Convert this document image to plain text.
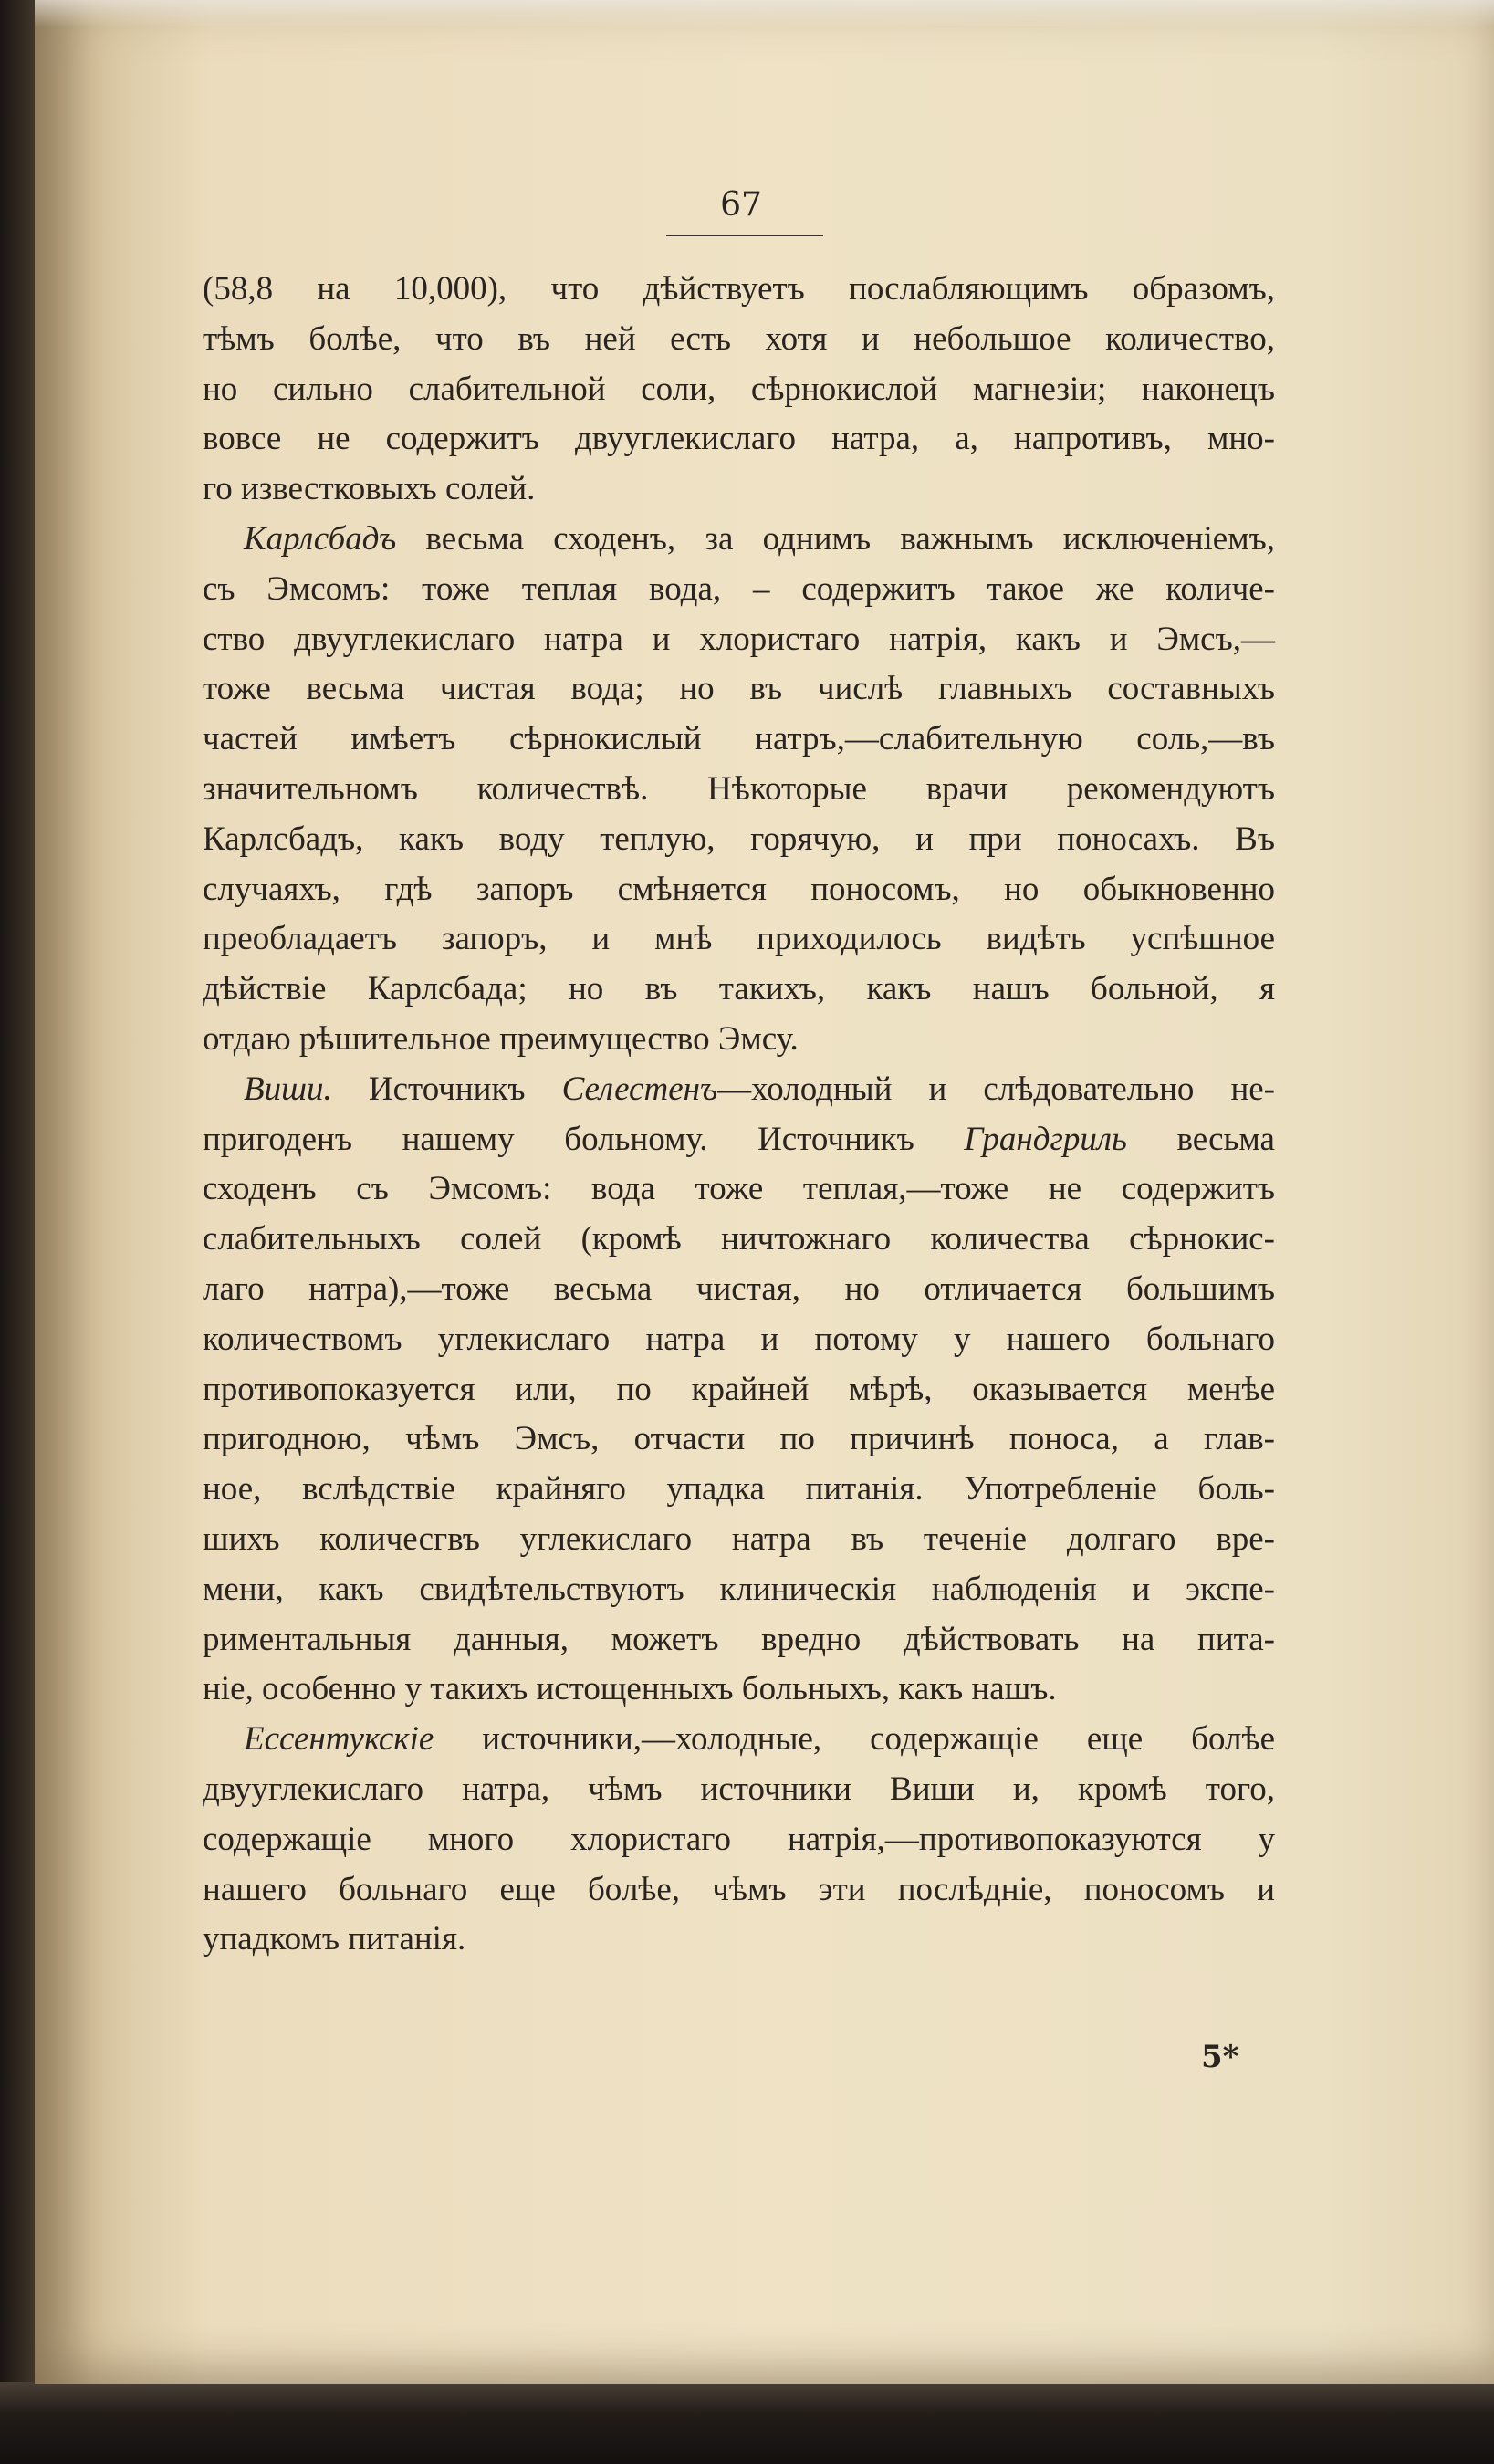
67
(58,8 на 10,000), что дѣйствуетъ послабляющимъ образомъ,
тѣмъ болѣе, что въ ней есть хотя и небольшое количество,
но сильно слабительной соли, сѣрнокислой магнезіи; наконецъ
вовсе не содержитъ двууглекислаго натра, а, напротивъ, мно-
го известковыхъ солей.
Карлсбадъ весьма сходенъ, за однимъ важнымъ исключеніемъ,
съ Эмсомъ: тоже теплая вода, – содержитъ такое же количе-
ство двууглекислаго натра и хлористаго натрія, какъ и Эмсъ,—
тоже весьма чистая вода; но въ числѣ главныхъ составныхъ
частей имѣетъ сѣрнокислый натръ,—слабительную соль,—въ
значительномъ количествѣ. Нѣкоторые врачи рекомендуютъ
Карлсбадъ, какъ воду теплую, горячую, и при поносахъ. Въ
случаяхъ, гдѣ запоръ смѣняется поносомъ, но обыкновенно
преобладаетъ запоръ, и мнѣ приходилось видѣть успѣшное
дѣйствіе Карлсбада; но въ такихъ, какъ нашъ больной, я
отдаю рѣшительное преимущество Эмсу.
Виши. Источникъ Селестенъ—холодный и слѣдовательно не-
пригоденъ нашему больному. Источникъ Грандгриль весьма
сходенъ съ Эмсомъ: вода тоже теплая,—тоже не содержитъ
слабительныхъ солей (кромѣ ничтожнаго количества сѣрнокис-
лаго натра),—тоже весьма чистая, но отличается большимъ
количествомъ углекислаго натра и потому у нашего больнаго
противопоказуется или, по крайней мѣрѣ, оказывается менѣе
пригодною, чѣмъ Эмсъ, отчасти по причинѣ поноса, а глав-
ное, вслѣдствіе крайняго упадка питанія. Употребленіе боль-
шихъ количесгвъ углекислаго натра въ теченіе долгаго вре-
мени, какъ свидѣтельствуютъ клиническія наблюденія и экспе-
риментальныя данныя, можетъ вредно дѣйствовать на пита-
ніе, особенно у такихъ истощенныхъ больныхъ, какъ нашъ.
Ессентукскіе источники,—холодные, содержащіе еще болѣе
двууглекислаго натра, чѣмъ источники Виши и, кромѣ того,
содержащіе много хлористаго натрія,—противопоказуются у
нашего больнаго еще болѣе, чѣмъ эти послѣдніе, поносомъ и
упадкомъ питанія.
5*
